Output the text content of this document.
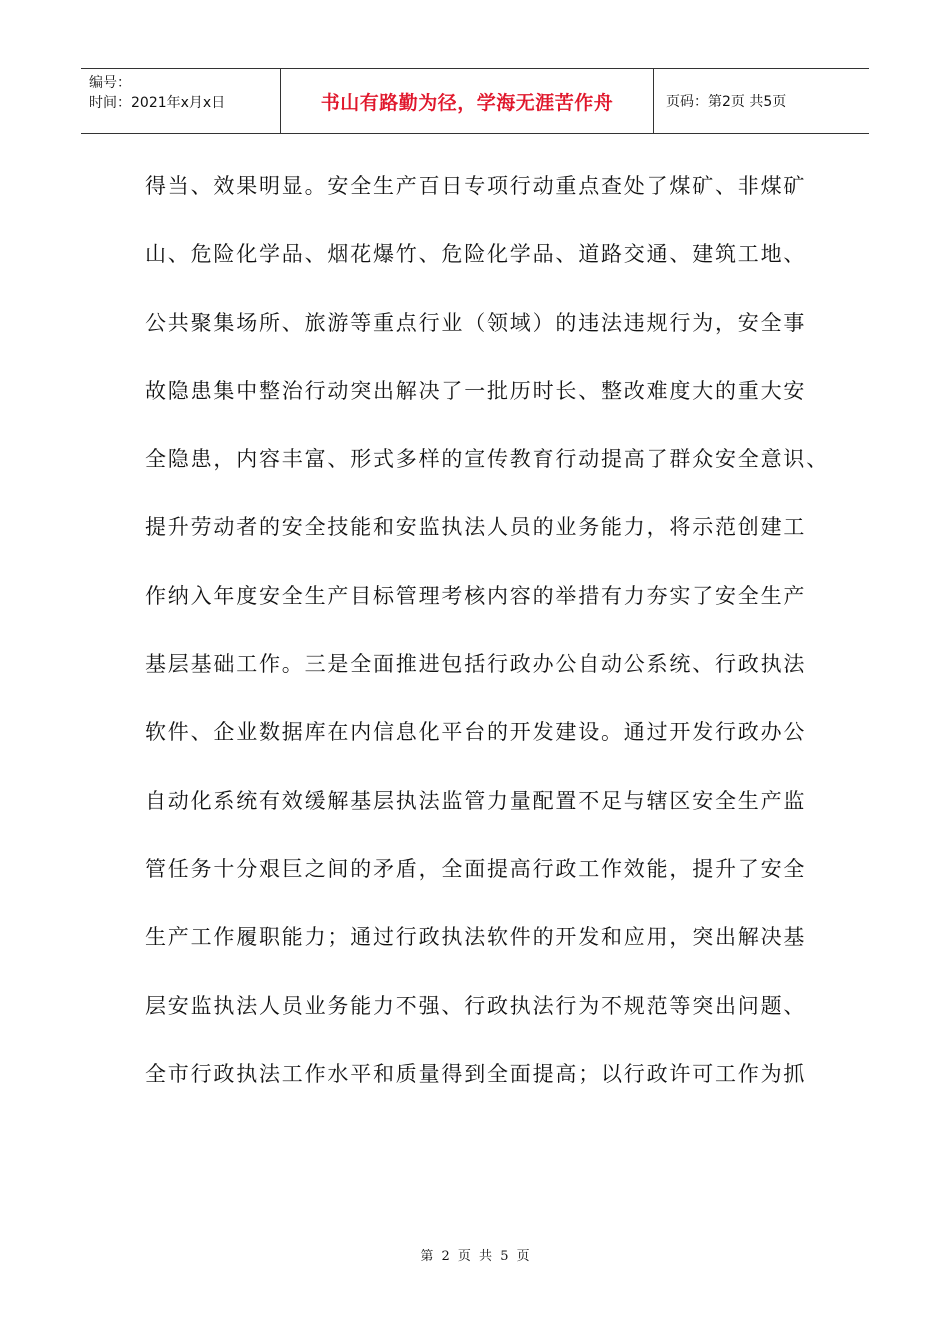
编号：
时间：2021年x月x日	书山有路勤为径，学海无涯苦作舟	页码：第2页 共5页
得当、效果明显。安全生产百日专项行动重点查处了煤矿、非煤矿
山、危险化学品、烟花爆竹、危险化学品、道路交通、建筑工地、
公共聚集场所、旅游等重点行业（领域）的违法违规行为，安全事
故隐患集中整治行动突出解决了一批历时长、整改难度大的重大安
全隐患，内容丰富、形式多样的宣传教育行动提高了群众安全意识、
提升劳动者的安全技能和安监执法人员的业务能力，将示范创建工
作纳入年度安全生产目标管理考核内容的举措有力夯实了安全生产
基层基础工作。三是全面推进包括行政办公自动公系统、行政执法
软件、企业数据库在内信息化平台的开发建设。通过开发行政办公
自动化系统有效缓解基层执法监管力量配置不足与辖区安全生产监
管任务十分艰巨之间的矛盾，全面提高行政工作效能，提升了安全
生产工作履职能力；通过行政执法软件的开发和应用，突出解决基
层安监执法人员业务能力不强、行政执法行为不规范等突出问题、
全市行政执法工作水平和质量得到全面提高；以行政许可工作为抓
第 2 页 共 5 页
